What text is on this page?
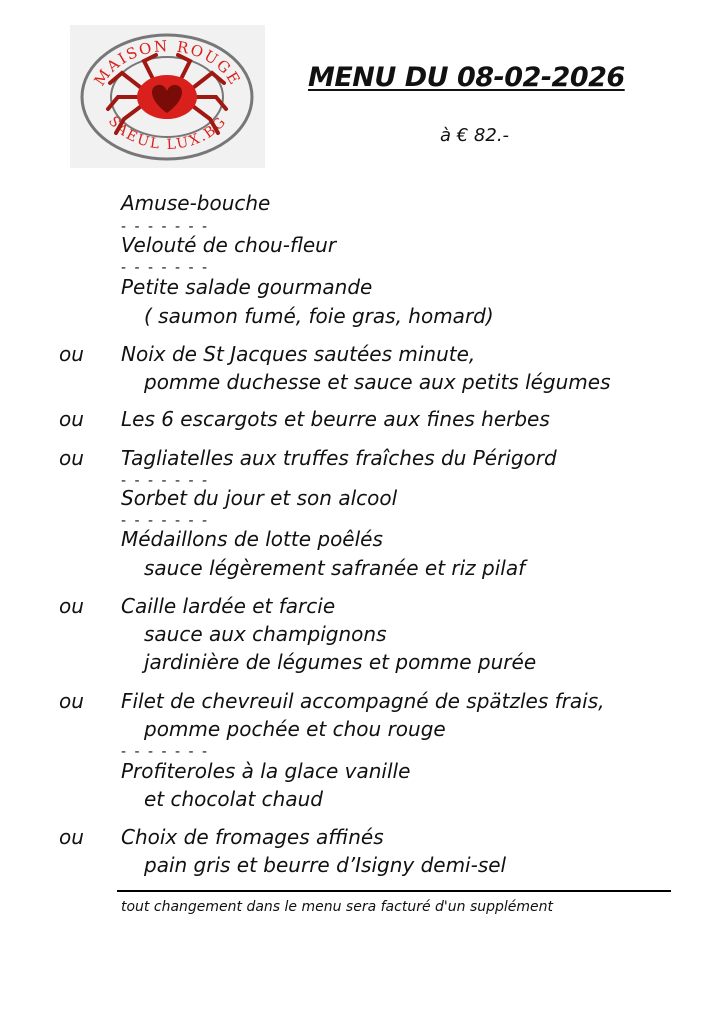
MAISON ROUGE
SAEUL LUX.BG
MENU DU 08-02-2026
à € 82.-
Amuse-bouche
- - - - - - -
Velouté de chou-fleur
- - - - - - -
Petite salade gourmande
( saumon fumé, foie gras, homard)
ou Noix de St Jacques sautées minute,
pomme duchesse et sauce aux petits légumes
ou Les 6 escargots et beurre aux fines herbes
ou Tagliatelles aux truffes fraîches du Périgord
- - - - - - -
Sorbet du jour et son alcool
- - - - - - -
Médaillons de lotte poêlés
sauce légèrement safranée et riz pilaf
ou Caille lardée et farcie
sauce aux champignons
jardinière de légumes et pomme purée
ou Filet de chevreuil accompagné de spätzles frais,
pomme pochée et chou rouge
- - - - - - -
Profiteroles à la glace vanille
et chocolat chaud
ou Choix de fromages affinés
pain gris et beurre d’Isigny demi-sel
tout changement dans le menu sera facturé d'un supplément
